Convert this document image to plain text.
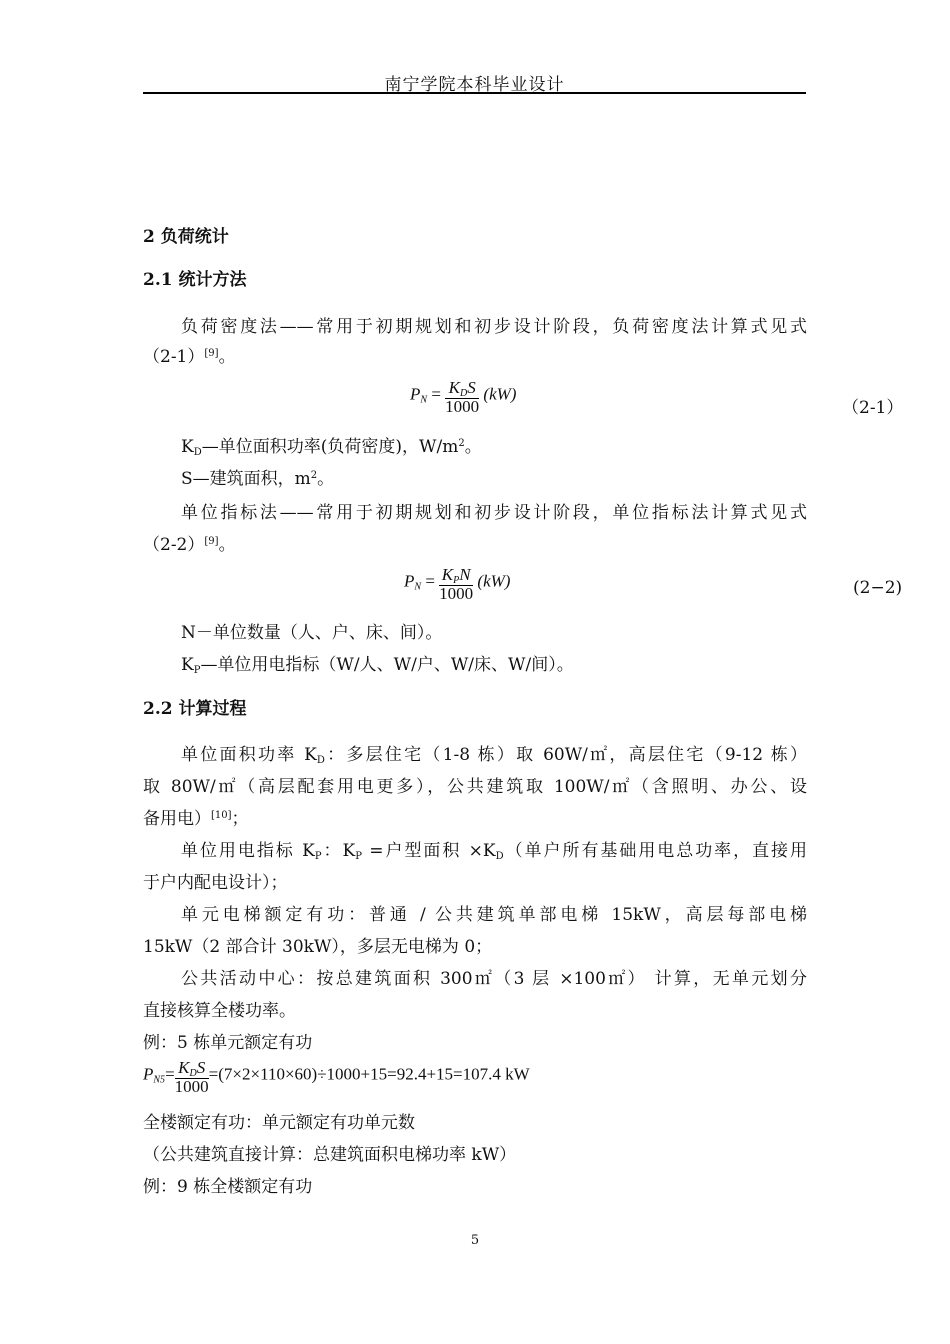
南宁学院本科毕业设计
2 负荷统计
2.1 统计方法
负荷密度法——常用于初期规划和初步设计阶段，负荷密度法计算式见式
（2-1）[9]。
$P_N = \frac{K_DS}{1000} (kW)$
（2-1）
$K_D—$单位面积功率(负荷密度)，$W/m^2$。
S—建筑面积，$m^2$。
单位指标法——常用于初期规划和初步设计阶段，单位指标法计算式见式
（2-2）[9]。
$P_N = \frac{K_PN}{1000} (kW)$	(2−2)
N－单位数量（人、户、床、间）。
$K_P—$单位用电指标（W/人、W/户、W/床、W/间）。
2.2 计算过程
单位面积功率 $K_D$：多层住宅（1-8 栋）取 60W/㎡，高层住宅（9-12 栋）
取 80W/㎡（高层配套用电更多），公共建筑取 100W/㎡（含照明、办公、设
备用电）[10]；
单位用电指标 $K_P$：$K_P$ =户型面积 $\times K_D$（单户所有基础用电总功率，直接用
于户内配电设计）；
单元电梯额定有功：普通 / 公共建筑单部电梯 15kW，高层每部电梯
15kW（2 部合计 30kW），多层无电梯为 0；
公共活动中心：按总建筑面积 300㎡（3 层 ×100㎡） 计算，无单元划分
直接核算全楼功率。
例：5 栋单元额定有功
$P_{N5}= \frac{K_DS}{1000} =(7\times 2\times 110\times 60)\div 1000+15=92.4+15=107.4$ kW
全楼额定有功：单元额定有功单元数
（公共建筑直接计算：总建筑面积电梯功率 kW）
例：9 栋全楼额定有功
5
